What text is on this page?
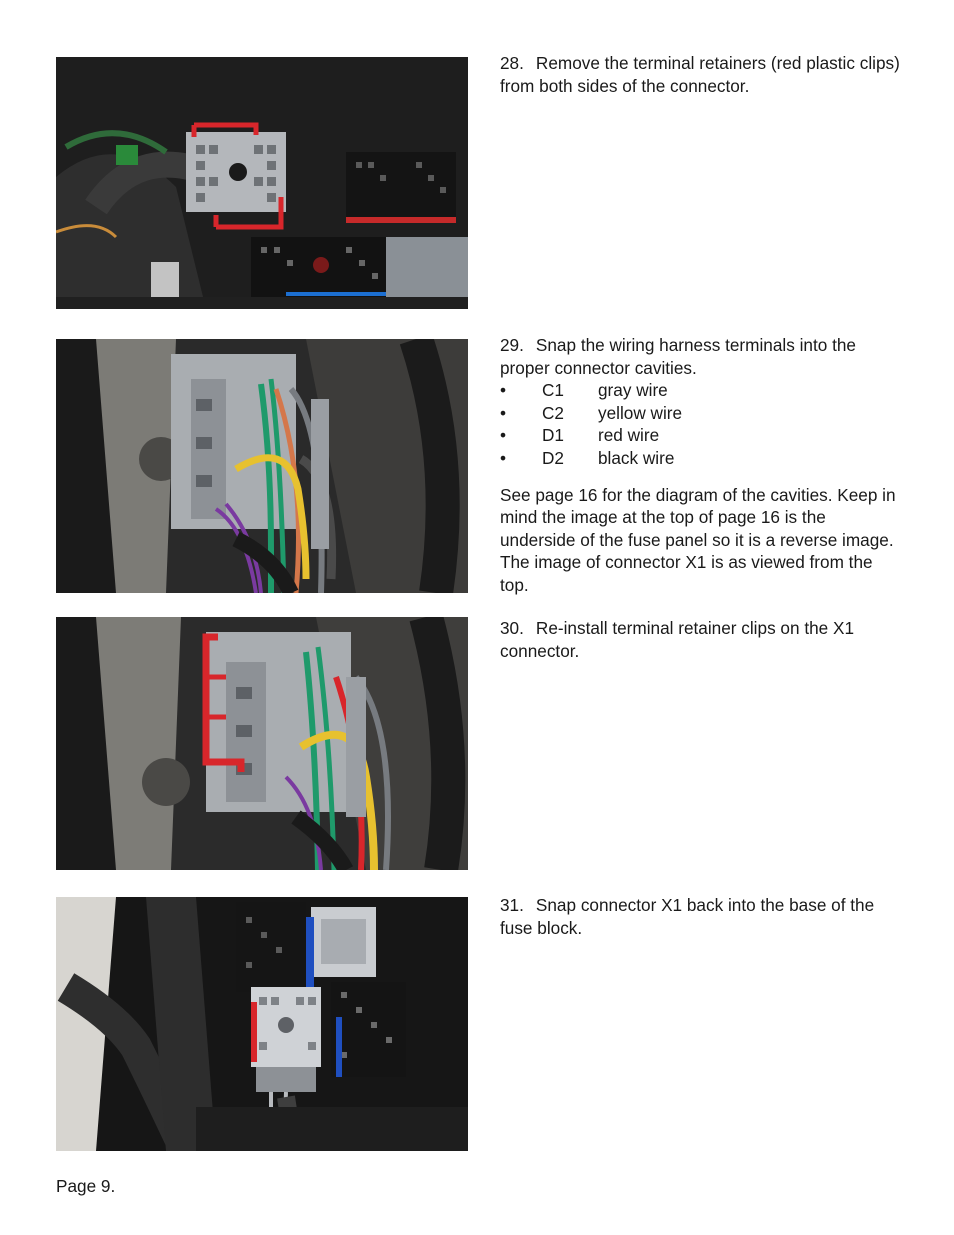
28. Remove the terminal retainers (red plastic clips) from both sides of the connector.

29. Snap the wiring harness terminals into the proper connector cavities.

•	C1	gray wire
•	C2	yellow wire
•	D1	red wire
•	D2	black wire

See page 16 for the diagram of the cavities. Keep in mind the image at the top of page 16 is the underside of the fuse panel so it is a reverse image. The image of connector X1 is as viewed from the top.

30. Re-install terminal retainer clips on the X1 connector.

31. Snap connector X1 back into the base of the fuse block.

Page 9.
